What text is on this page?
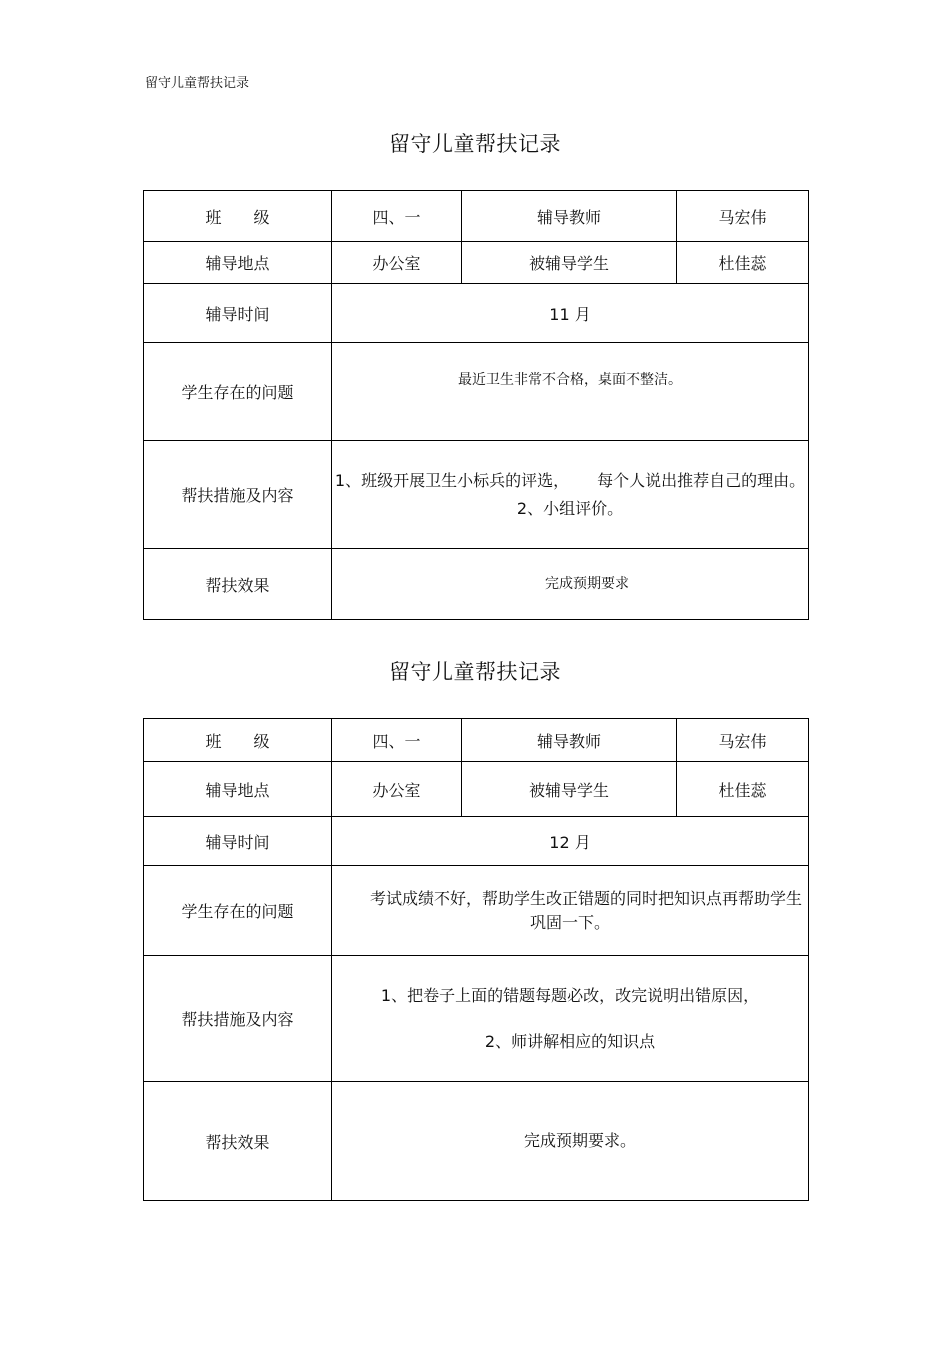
留守儿童帮扶记录
留守儿童帮扶记录
班　　级	四、一	辅导教师	马宏伟
辅导地点	办公室	被辅导学生	杜佳蕊
辅导时间	11 月		
学生存在的问题	最近卫生非常不合格，桌面不整洁。		
帮扶措施及内容	1、班级开展卫生小标兵的评选， 每个人说出推荐自己的理由。
2、小组评价。		

帮扶效果	完成预期要求		
留守儿童帮扶记录
班　　级	四、一	辅导教师	马宏伟
辅导地点	办公室	被辅导学生	杜佳蕊
辅导时间	12 月		
学生存在的问题	考试成绩不好，帮助学生改正错题的同时把知识点再帮助学生巩固一下。		
帮扶措施及内容	1、把卷子上面的错题每题必改，改完说明出错原因，
2、师讲解相应的知识点		

帮扶效果	完成预期要求。		
